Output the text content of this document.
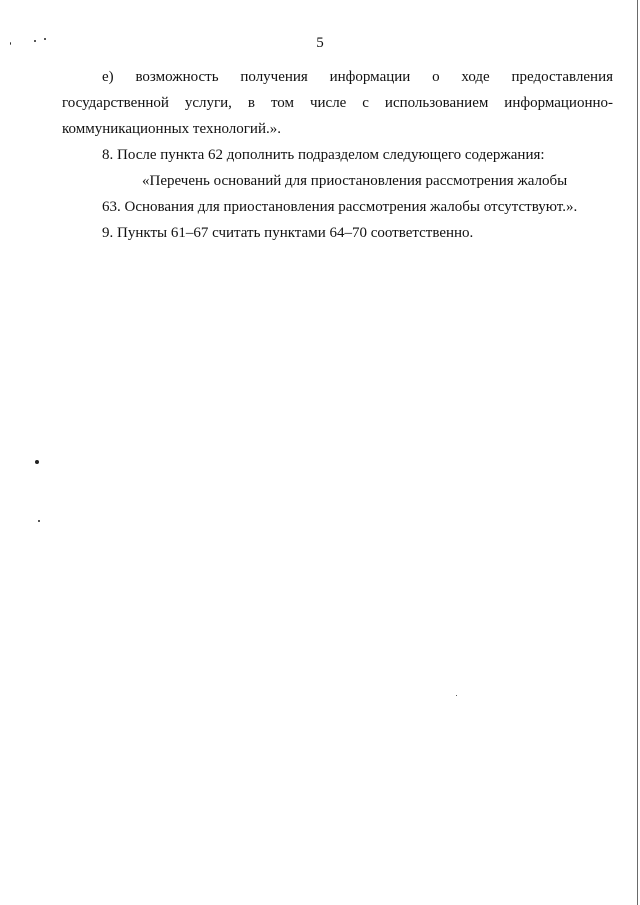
5

е) возможность получения информации о ходе предоставления государственной услуги, в том числе с использованием информационно-коммуникационных технологий.».

8. После пункта 62 дополнить подразделом следующего содержания:

«Перечень оснований для приостановления рассмотрения жалобы

63. Основания для приостановления рассмотрения жалобы отсутствуют.».

9. Пункты 61–67 считать пунктами 64–70 соответственно.
